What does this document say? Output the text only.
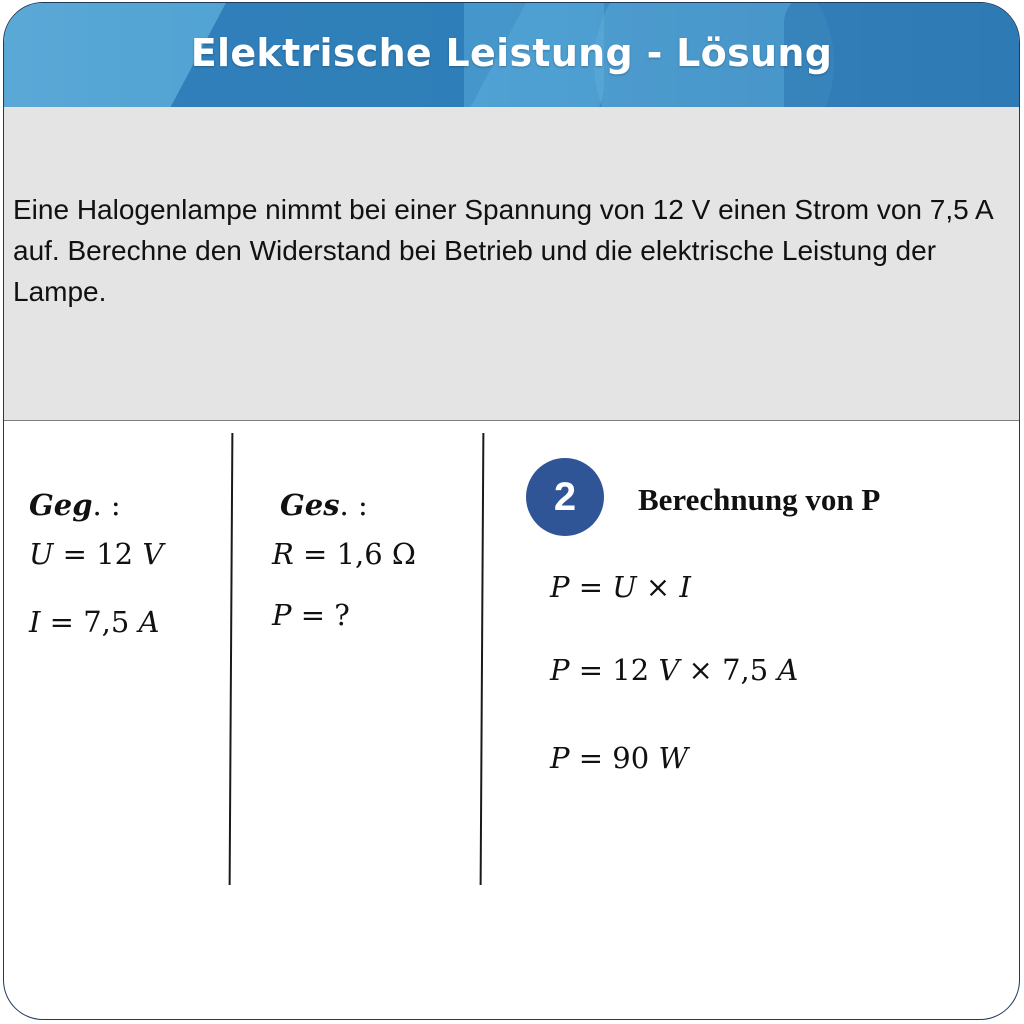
Elektrische Leistung - Lösung
Eine Halogenlampe nimmt bei einer Spannung von 12 V einen Strom von 7,5 A auf. Berechne den Widerstand bei Betrieb und die elektrische Leistung der Lampe.
Geg. :
U = 12 V
I = 7,5 A
Ges. :
R = 1,6 Ω
P = ?
2	Berechnung von P
P = U × I
P = 12 V × 7,5 A
P = 90 W
